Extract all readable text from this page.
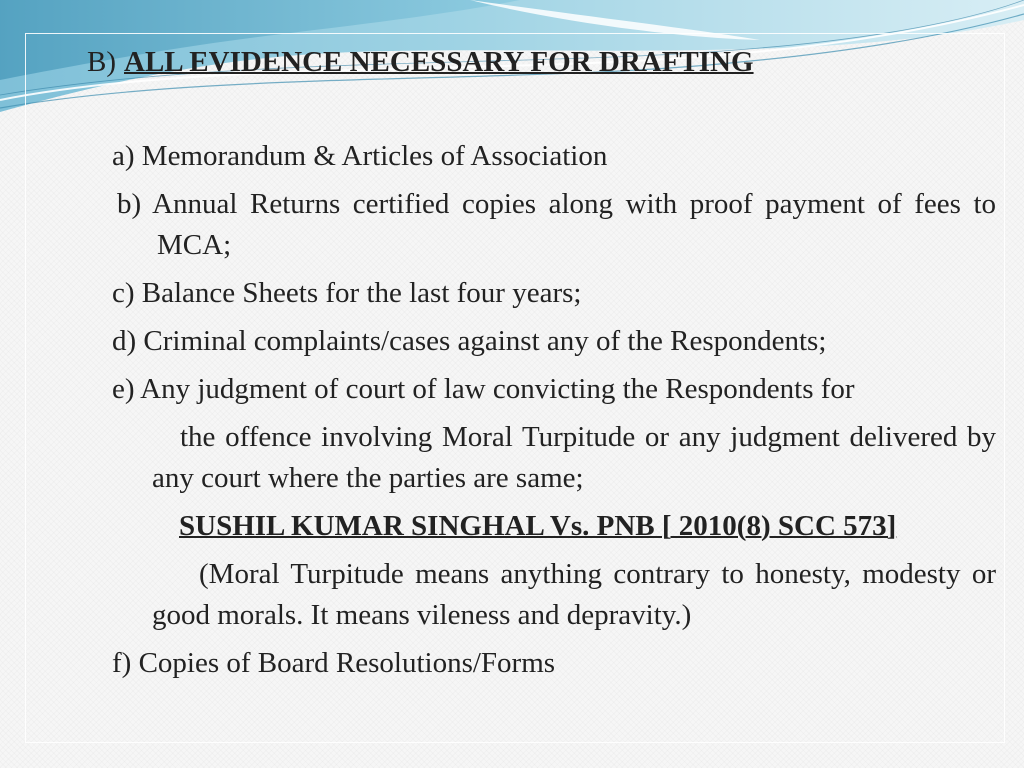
B) ALL EVIDENCE NECESSARY FOR DRAFTING
a) Memorandum & Articles of Association
b) Annual Returns certified copies along with proof payment of fees to MCA;
c) Balance Sheets for the last four years;
d) Criminal complaints/cases against any of the Respondents;
e) Any judgment of court of law convicting the Respondents for
the offence involving Moral Turpitude or any judgment delivered by any court where the parties are same;
SUSHIL KUMAR SINGHAL Vs. PNB [ 2010(8) SCC 573]
(Moral Turpitude means anything contrary to honesty, modesty or good morals. It means vileness and depravity.)
f) Copies of Board Resolutions/Forms
